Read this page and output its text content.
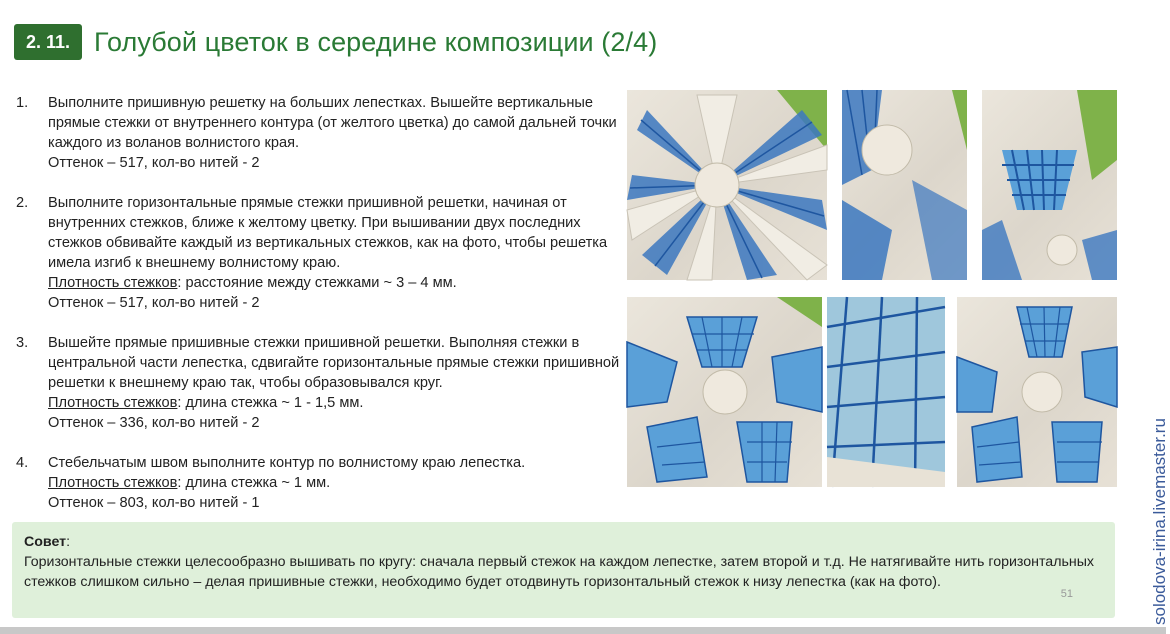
2. 11. Голубой цветок в середине композиции (2/4)
1.	Выполните пришивную решетку на больших лепестках. Вышейте вертикальные прямые стежки от внутреннего контура (от желтого цветка) до самой дальней точки каждого из воланов волнистого края.

Оттенок – 517, кол-во нитей - 2

2.	Выполните горизонтальные прямые стежки пришивной решетки, начиная от внутренних стежков, ближе к желтому цветку. При вышивании двух последних стежков обвивайте каждый из вертикальных стежков, как на фото, чтобы решетка имела изгиб к внешнему волнистому краю.

Плотность стежков: расстояние между стежками ~ 3 – 4 мм.

Оттенок – 517, кол-во нитей - 2

3.	Вышейте прямые пришивные стежки пришивной решетки. Выполняя стежки в центральной части лепестка, сдвигайте горизонтальные прямые стежки пришивной решетки к внешнему краю так, чтобы образовывался круг.

Плотность стежков: длина стежка ~ 1 - 1,5 мм.

Оттенок – 336, кол-во нитей - 2

4.	Стебельчатым швом выполните контур по волнистому краю лепестка.

Плотность стежков: длина стежка ~ 1 мм.

Оттенок – 803, кол-во нитей - 1

Совет:
Горизонтальные стежки целесообразно вышивать по кругу: сначала первый стежок на каждом лепестке, затем второй и т.д. Не натягивайте нить горизонтальных стежков слишком сильно – делая пришивные стежки, необходимо будет отодвинуть горизонтальный стежок к низу лепестка (как на фото).
51	solodova-irina.livemaster.ru
